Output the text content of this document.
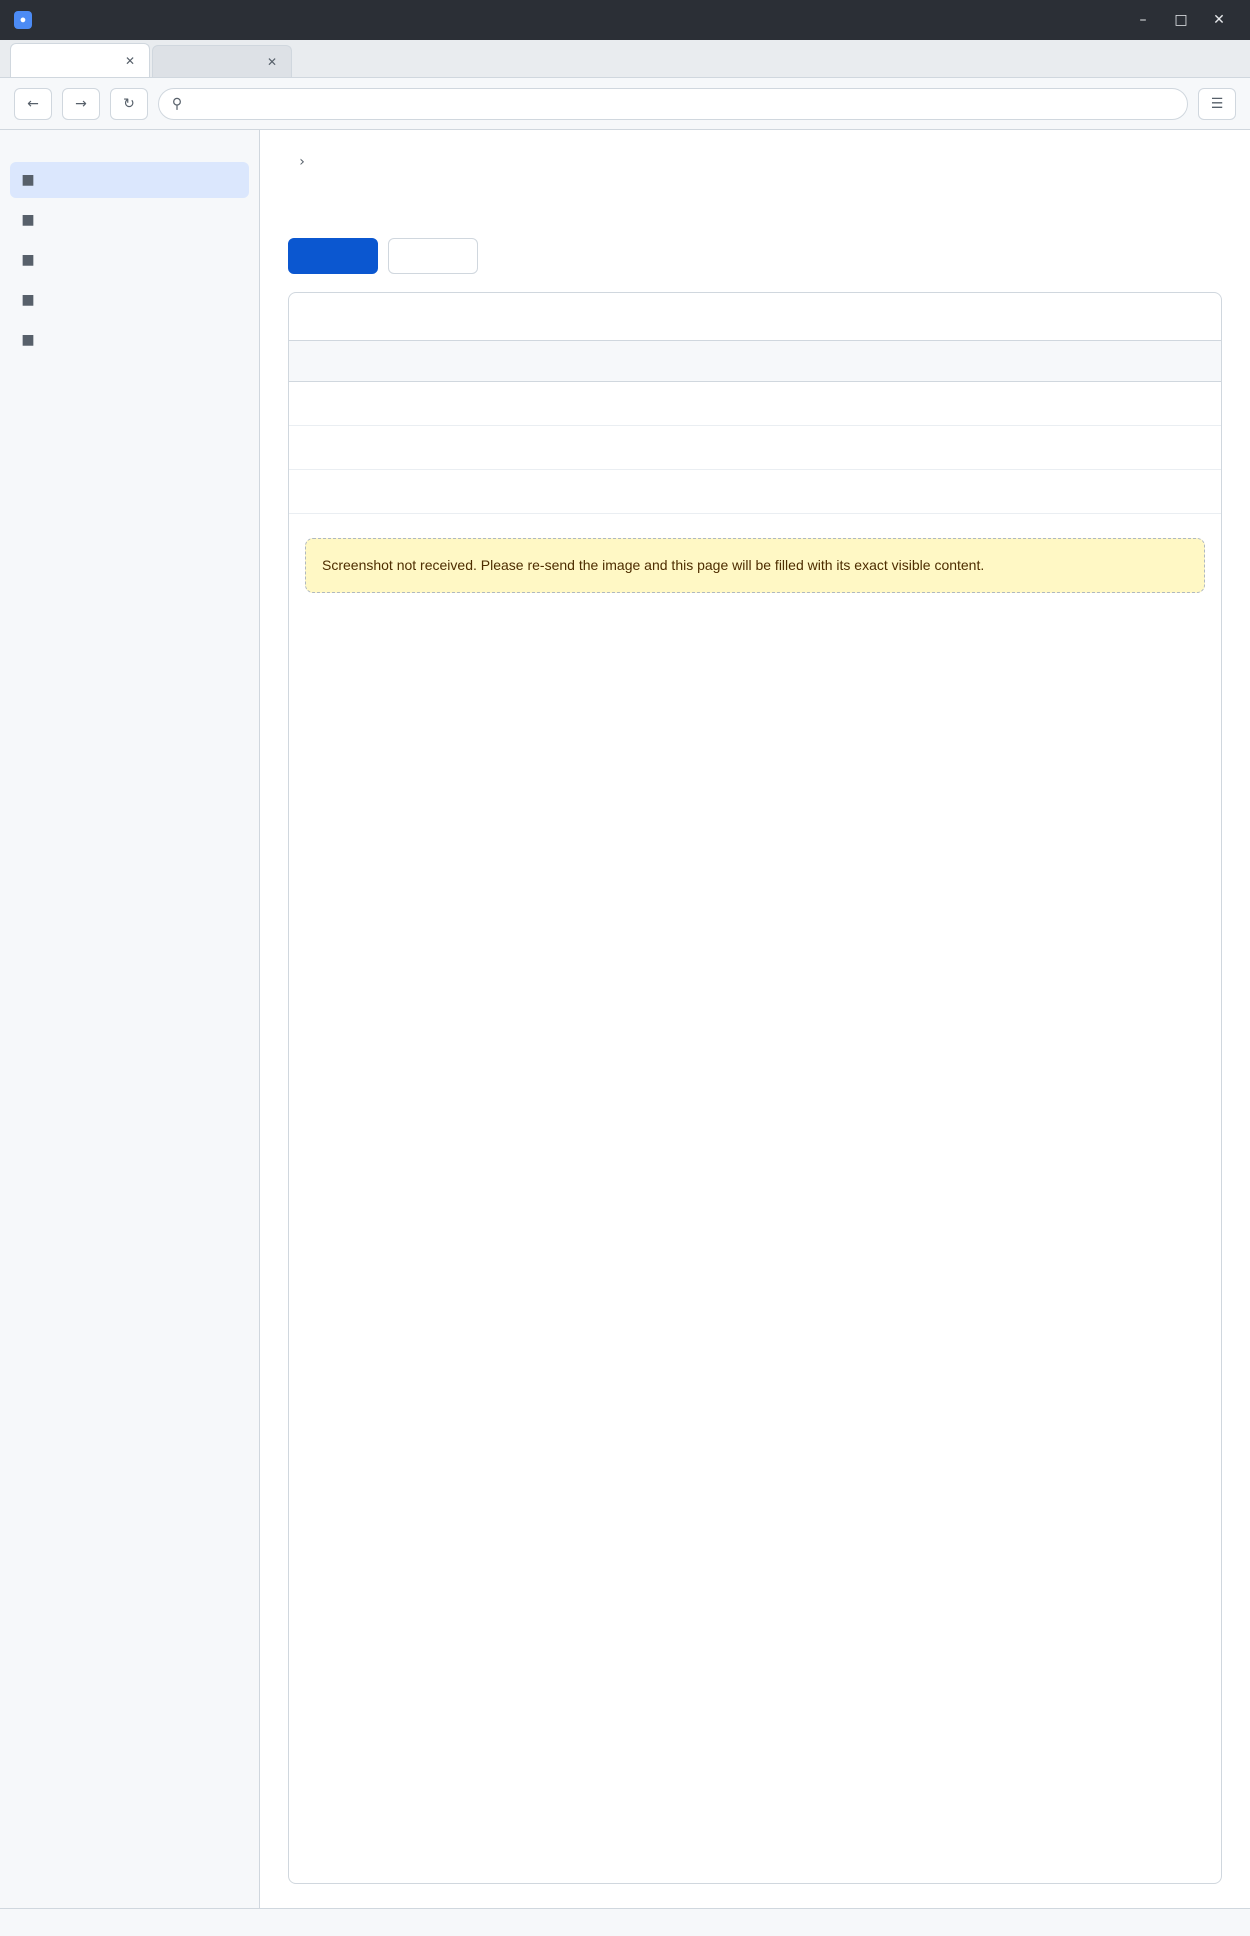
●	–	□	✕
✕	✕
←	→	↻	⚲	☰
■
■
■
■
■
›

Screenshot not received. Please re-send the image and this page will be filled with its exact visible content.
